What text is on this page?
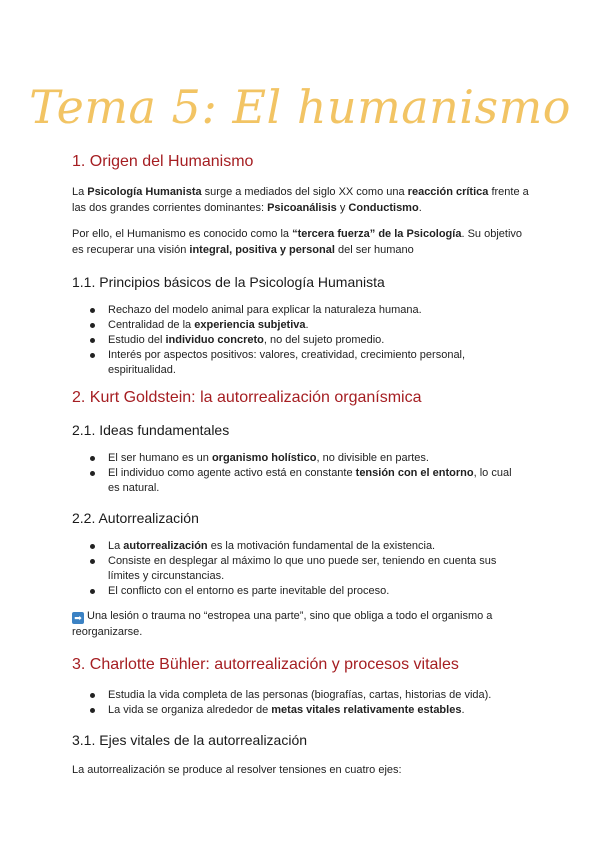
Tema 5: El humanismo
1. Origen del Humanismo

La Psicología Humanista surge a mediados del siglo XX como una reacción crítica frente a las dos grandes corrientes dominantes: Psicoanálisis y Conductismo.

Por ello, el Humanismo es conocido como la “tercera fuerza” de la Psicología. Su objetivo es recuperar una visión integral, positiva y personal del ser humano

1.1. Principios básicos de la Psicología Humanista
Rechazo del modelo animal para explicar la naturaleza humana.
Centralidad de la experiencia subjetiva.
Estudio del individuo concreto, no del sujeto promedio.
Interés por aspectos positivos: valores, creatividad, crecimiento personal, espiritualidad.
2. Kurt Goldstein: la autorrealización organísmica
2.1. Ideas fundamentales
El ser humano es un organismo holístico, no divisible en partes.
El individuo como agente activo está en constante tensión con el entorno, lo cual es natural.
2.2. Autorrealización
La autorrealización es la motivación fundamental de la existencia.
Consiste en desplegar al máximo lo que uno puede ser, teniendo en cuenta sus límites y circunstancias.
El conflicto con el entorno es parte inevitable del proceso.

➡ Una lesión o trauma no “estropea una parte”, sino que obliga a todo el organismo a reorganizarse.

3. Charlotte Bühler: autorrealización y procesos vitales
Estudia la vida completa de las personas (biografías, cartas, historias de vida).
La vida se organiza alrededor de metas vitales relativamente estables.
3.1. Ejes vitales de la autorrealización

La autorrealización se produce al resolver tensiones en cuatro ejes:
